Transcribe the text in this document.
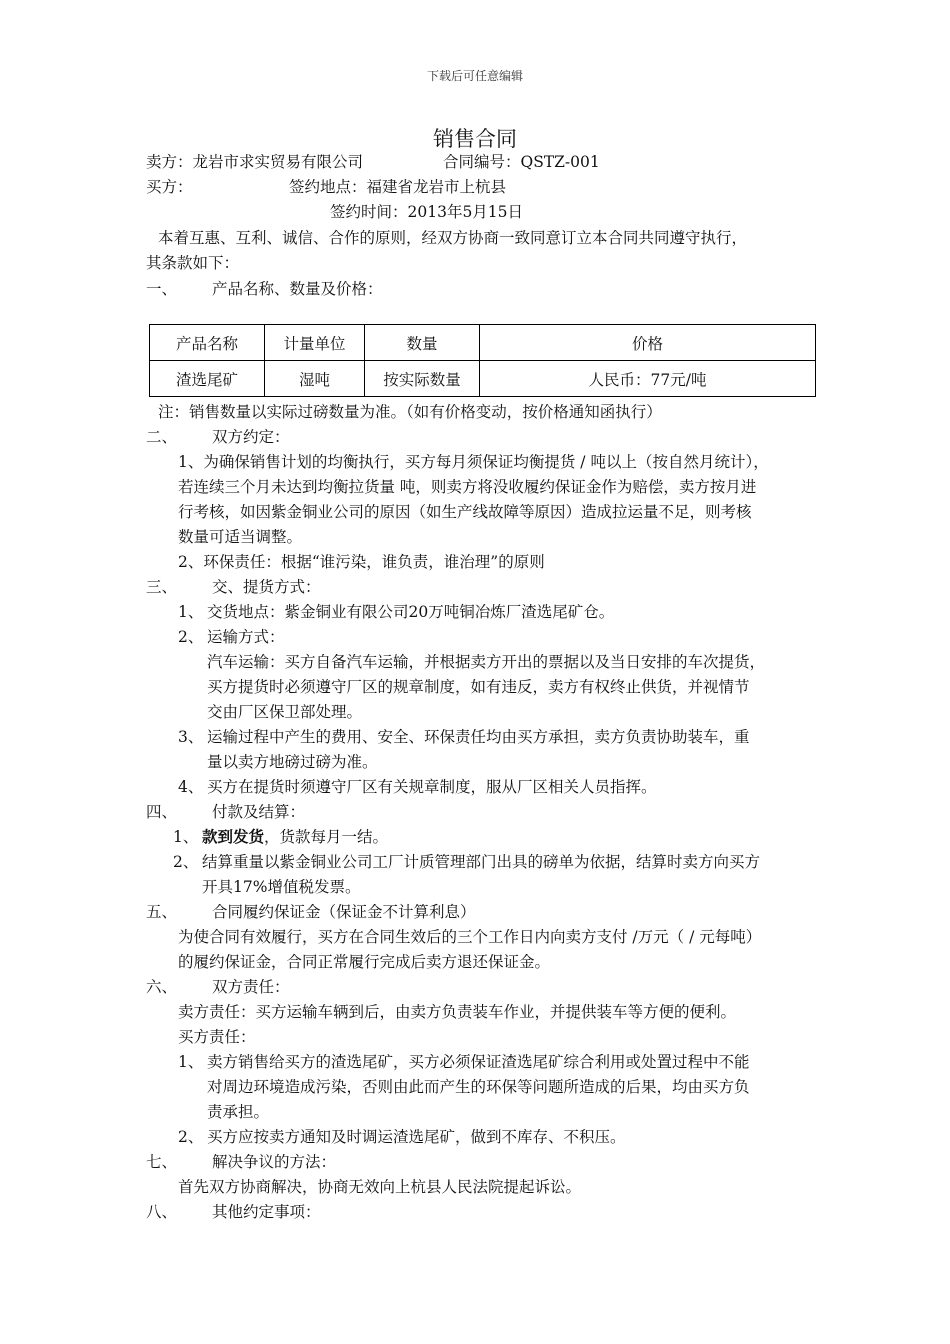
下载后可任意编辑
销售合同
卖方：龙岩市求实贸易有限公司	合同编号：QSTZ-001
买方：	签约地点：福建省龙岩市上杭县
签约时间：2013年5月15日
本着互惠、互利、诚信、合作的原则，经双方协商一致同意订立本合同共同遵守执行，
其条款如下：
一、 产品名称、数量及价格：
产品名称	计量单位	数量	价格
渣选尾矿	湿吨	按实际数量	人民币：77元/吨
注：销售数量以实际过磅数量为准。（如有价格变动，按价格通知函执行）
二、 双方约定：
1、为确保销售计划的均衡执行，买方每月须保证均衡提货 / 吨以上（按自然月统计），
若连续三个月未达到均衡拉货量 吨，则卖方将没收履约保证金作为赔偿，卖方按月进
行考核，如因紫金铜业公司的原因（如生产线故障等原因）造成拉运量不足，则考核
数量可适当调整。
2、环保责任：根据“谁污染，谁负责，谁治理”的原则
三、 交、提货方式：
1、 交货地点：紫金铜业有限公司20万吨铜冶炼厂渣选尾矿仓。
2、 运输方式：
汽车运输：买方自备汽车运输，并根据卖方开出的票据以及当日安排的车次提货，
买方提货时必须遵守厂区的规章制度，如有违反，卖方有权终止供货，并视情节
交由厂区保卫部处理。
3、 运输过程中产生的费用、安全、环保责任均由买方承担，卖方负责协助装车，重
量以卖方地磅过磅为准。
4、 买方在提货时须遵守厂区有关规章制度，服从厂区相关人员指挥。
四、 付款及结算：
1、 款到发货，货款每月一结。
2、 结算重量以紫金铜业公司工厂计质管理部门出具的磅单为依据，结算时卖方向买方
开具17%增值税发票。
五、 合同履约保证金（保证金不计算利息）
为使合同有效履行，买方在合同生效后的三个工作日内向卖方支付 /万元（ / 元每吨）
的履约保证金，合同正常履行完成后卖方退还保证金。
六、 双方责任：
卖方责任：买方运输车辆到后，由卖方负责装车作业，并提供装车等方便的便利。
买方责任：
1、 卖方销售给买方的渣选尾矿，买方必须保证渣选尾矿综合利用或处置过程中不能
对周边环境造成污染，否则由此而产生的环保等问题所造成的后果，均由买方负
责承担。
2、 买方应按卖方通知及时调运渣选尾矿，做到不库存、不积压。
七、 解决争议的方法：
首先双方协商解决，协商无效向上杭县人民法院提起诉讼。
八、 其他约定事项：
